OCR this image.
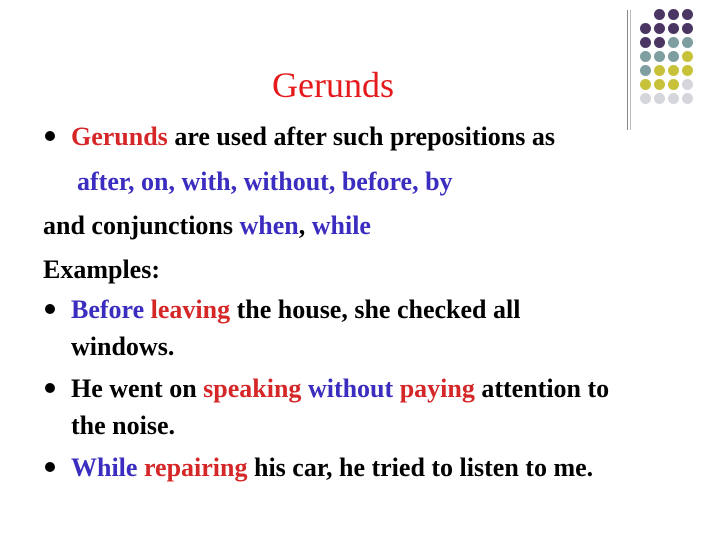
Gerunds
Gerunds are used after such prepositions as
after, on, with, without, before, by
and conjunctions when, while
Examples:
Before leaving the house, she checked all
windows.
He went on speaking without paying attention to
the noise.
While repairing his car, he tried to listen to me.
